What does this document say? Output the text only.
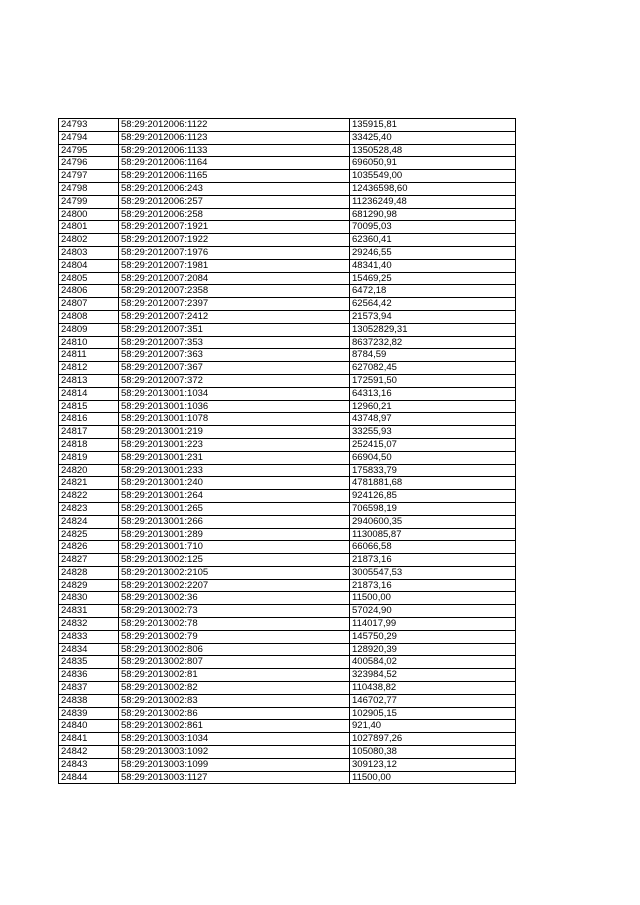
24793	58:29:2012006:1122	135915,81
24794	58:29:2012006:1123	33425,40
24795	58:29:2012006:1133	1350528,48
24796	58:29:2012006:1164	696050,91
24797	58:29:2012006:1165	1035549,00
24798	58:29:2012006:243	12436598,60
24799	58:29:2012006:257	11236249,48
24800	58:29:2012006:258	681290,98
24801	58:29:2012007:1921	70095,03
24802	58:29:2012007:1922	62360,41
24803	58:29:2012007:1976	29246,55
24804	58:29:2012007:1981	48341,40
24805	58:29:2012007:2084	15469,25
24806	58:29:2012007:2358	6472,18
24807	58:29:2012007:2397	62564,42
24808	58:29:2012007:2412	21573,94
24809	58:29:2012007:351	13052829,31
24810	58:29:2012007:353	8637232,82
24811	58:29:2012007:363	8784,59
24812	58:29:2012007:367	627082,45
24813	58:29:2012007:372	172591,50
24814	58:29:2013001:1034	64313,16
24815	58:29:2013001:1036	12960,21
24816	58:29:2013001:1078	43748,97
24817	58:29:2013001:219	33255,93
24818	58:29:2013001:223	252415,07
24819	58:29:2013001:231	66904,50
24820	58:29:2013001:233	175833,79
24821	58:29:2013001:240	4781881,68
24822	58:29:2013001:264	924126,85
24823	58:29:2013001:265	706598,19
24824	58:29:2013001:266	2940600,35
24825	58:29:2013001:289	1130085,87
24826	58:29:2013001:710	66066,58
24827	58:29:2013002:125	21873,16
24828	58:29:2013002:2105	3005547,53
24829	58:29:2013002:2207	21873,16
24830	58:29:2013002:36	11500,00
24831	58:29:2013002:73	57024,90
24832	58:29:2013002:78	114017,99
24833	58:29:2013002:79	145750,29
24834	58:29:2013002:806	128920,39
24835	58:29:2013002:807	400584,02
24836	58:29:2013002:81	323984,52
24837	58:29:2013002:82	110438,82
24838	58:29:2013002:83	146702,77
24839	58:29:2013002:86	102905,15
24840	58:29:2013002:861	921,40
24841	58:29:2013003:1034	1027897,26
24842	58:29:2013003:1092	105080,38
24843	58:29:2013003:1099	309123,12
24844	58:29:2013003:1127	11500,00
